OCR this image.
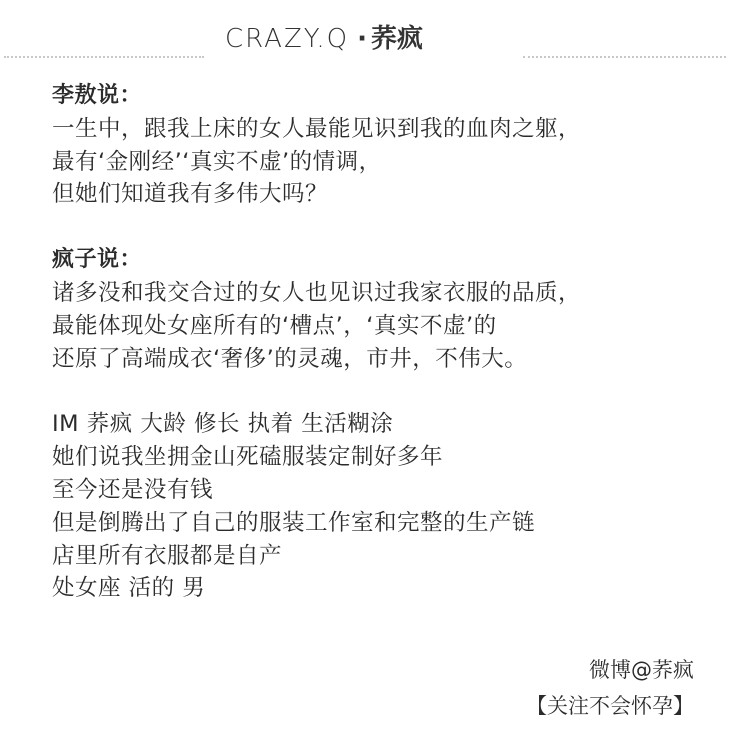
CRAZY.Q · 荞疯
李敖说：
一生中，跟我上床的女人最能见识到我的血肉之躯，
最有‘金刚经’‘真实不虚’的情调，
但她们知道我有多伟大吗？
疯子说：
诸多没和我交合过的女人也见识过我家衣服的品质，
最能体现处女座所有的‘槽点’，‘真实不虚’的
还原了高端成衣‘奢侈’的灵魂，市井，不伟大。
IM 荞疯 大龄 修长 执着 生活糊涂
她们说我坐拥金山死磕服装定制好多年
至今还是没有钱
但是倒腾出了自己的服装工作室和完整的生产链
店里所有衣服都是自产
处女座 活的 男
微博@荞疯
【关注不会怀孕】
